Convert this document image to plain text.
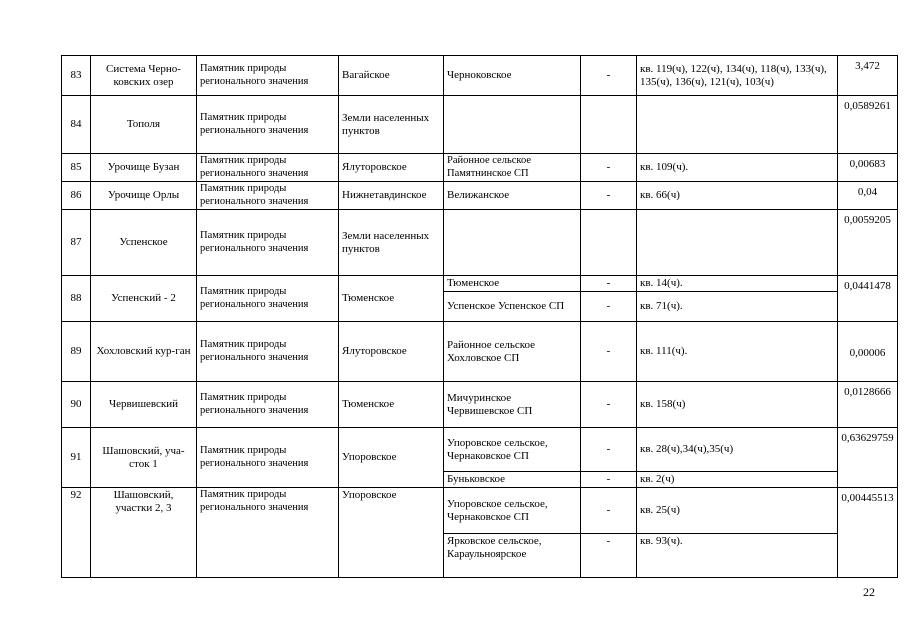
83	Система Черно-ковских озер	Памятник природы регионального значения	Вагайское	Черноковское	-	кв. 119(ч), 122(ч), 134(ч), 118(ч), 133(ч), 135(ч), 136(ч), 121(ч), 103(ч)	3,472
84	Тополя	Памятник природы регионального значения	Земли населенных пунктов				0,0589261
85	Урочище Бузан	Памятник природы регионального значения	Ялуторовское	Районное сельское Памятнинское СП	-	кв. 109(ч).	0,00683
86	Урочище Орлы	Памятник природы регионального значения	Нижнетавдинское	Велижанское	-	кв. 66(ч)	0,04
87	Успенское	Памятник природы регионального значения	Земли населенных пунктов				0,0059205
88	Успенский - 2	Памятник природы регионального значения	Тюменское	Тюменское	-	кв. 14(ч).	0,0441478
				Успенское Успенское СП	-	кв. 71(ч).	
89	Хохловский кур-ган	Памятник природы регионального значения	Ялуторовское	Районное сельское Хохловское СП	-	кв. 111(ч).	0,00006
90	Червишевский	Памятник природы регионального значения	Тюменское	Мичуринское Червишевское СП	-	кв. 158(ч)	0,0128666
91	Шашовский, уча-сток 1	Памятник природы регионального значения	Упоровское	Упоровское сельское, Чернаковское СП	-	кв. 28(ч),34(ч),35(ч)	0,63629759
				Буньковское	-	кв. 2(ч)	
92	Шашовский, участки 2, 3	Памятник природы регионального значения	Упоровское	Упоровское сельское, Чернаковское СП	-	кв. 25(ч)	0,00445513
				Ярковское сельское, Караульноярское	-	кв. 93(ч).	
22
